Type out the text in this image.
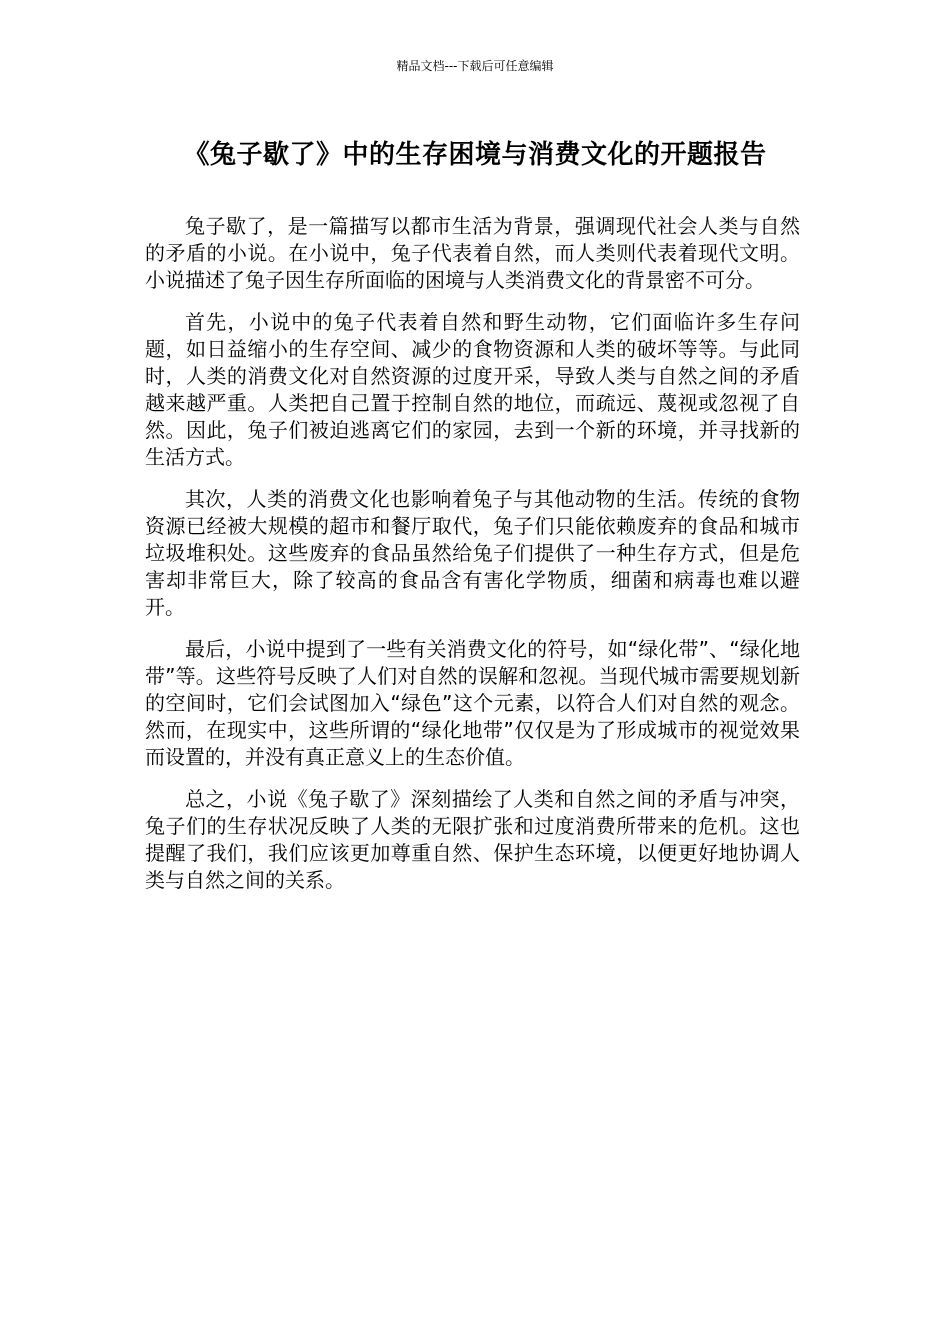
精品文档---下载后可任意编辑
《兔子歇了》中的生存困境与消费文化的开题报告

兔子歇了，是一篇描写以都市生活为背景，强调现代社会人类与自然的矛盾的小说。在小说中，兔子代表着自然，而人类则代表着现代文明。小说描述了兔子因生存所面临的困境与人类消费文化的背景密不可分。

首先，小说中的兔子代表着自然和野生动物，它们面临许多生存问题，如日益缩小的生存空间、减少的食物资源和人类的破坏等等。与此同时，人类的消费文化对自然资源的过度开采，导致人类与自然之间的矛盾越来越严重。人类把自己置于控制自然的地位，而疏远、蔑视或忽视了自然。因此，兔子们被迫逃离它们的家园，去到一个新的环境，并寻找新的生活方式。

其次，人类的消费文化也影响着兔子与其他动物的生活。传统的食物资源已经被大规模的超市和餐厅取代，兔子们只能依赖废弃的食品和城市垃圾堆积处。这些废弃的食品虽然给兔子们提供了一种生存方式，但是危害却非常巨大，除了较高的食品含有害化学物质，细菌和病毒也难以避开。

最后，小说中提到了一些有关消费文化的符号，如“绿化带”、“绿化地带”等。这些符号反映了人们对自然的误解和忽视。当现代城市需要规划新的空间时，它们会试图加入“绿色”这个元素，以符合人们对自然的观念。然而，在现实中，这些所谓的“绿化地带”仅仅是为了形成城市的视觉效果而设置的，并没有真正意义上的生态价值。

总之，小说《兔子歇了》深刻描绘了人类和自然之间的矛盾与冲突，兔子们的生存状况反映了人类的无限扩张和过度消费所带来的危机。这也提醒了我们，我们应该更加尊重自然、保护生态环境，以便更好地协调人类与自然之间的关系。
